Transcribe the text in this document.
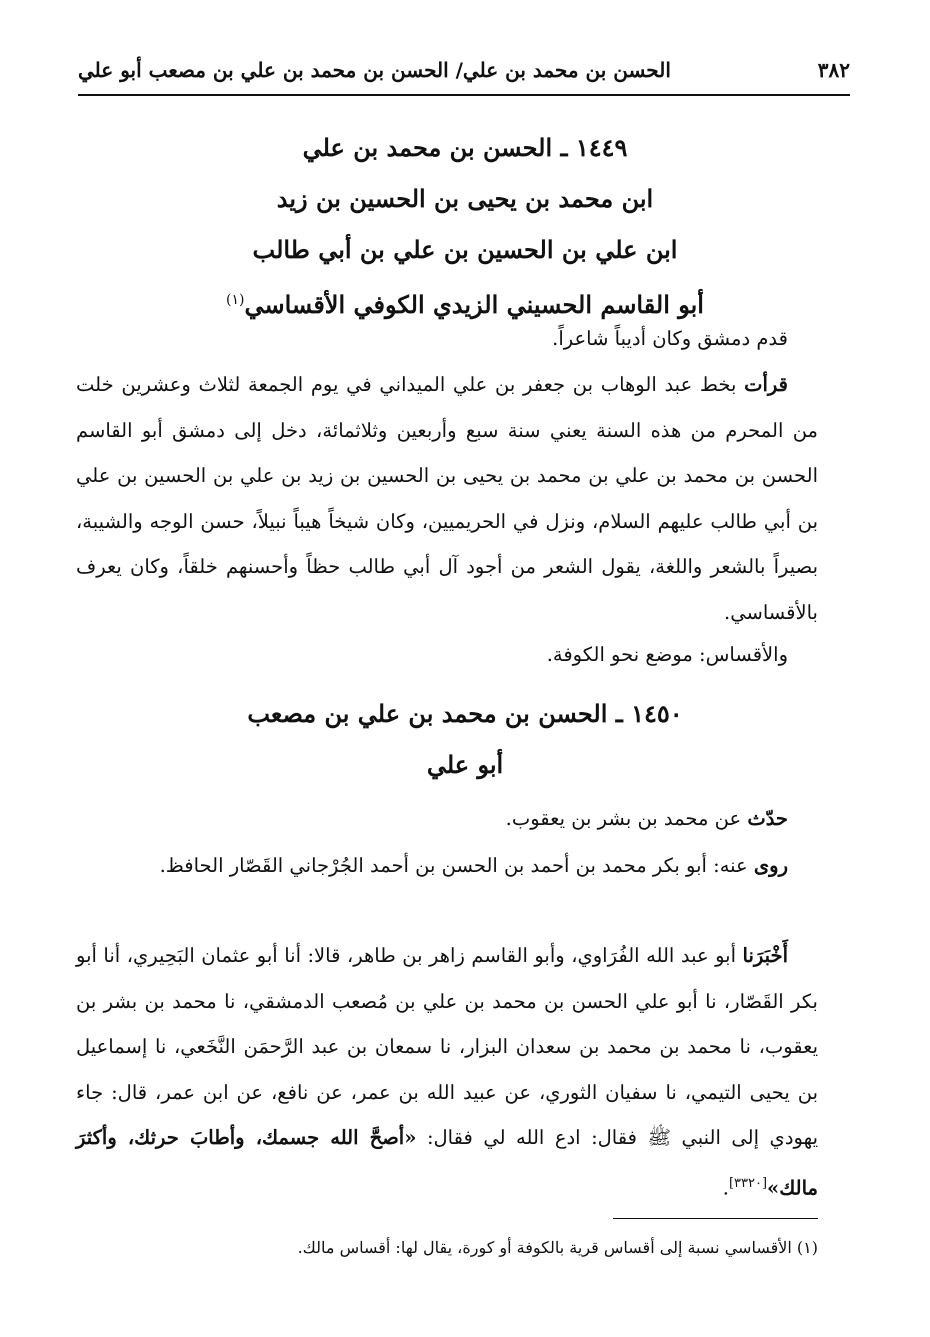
٣٨٢
الحسن بن محمد بن علي/ الحسن بن محمد بن علي بن مصعب أبو علي
١٤٤٩ ـ الحسن بن محمد بن علي
ابن محمد بن يحيى بن الحسين بن زيد
ابن علي بن الحسين بن علي بن أبي طالب
أبو القاسم الحسيني الزيدي الكوفي الأقساسي$^{(١)}$

قدم دمشق وكان أديباً شاعراً.

قرأت بخط عبد الوهاب بن جعفر بن علي الميداني في يوم الجمعة لثلاث وعشرين خلت من المحرم من هذه السنة يعني سنة سبع وأربعين وثلاثمائة، دخل إلى دمشق أبو القاسم الحسن بن محمد بن علي بن محمد بن يحيى بن الحسين بن زيد بن علي بن الحسين بن علي بن أبي طالب عليهم السلام، ونزل في الحريميين، وكان شيخاً هيباً نبيلاً، حسن الوجه والشيبة، بصيراً بالشعر واللغة، يقول الشعر من أجود آل أبي طالب حظاً وأحسنهم خلقاً، وكان يعرف بالأقساسي.

والأقساس: موضع نحو الكوفة.

١٤٥٠ ـ الحسن بن محمد بن علي بن مصعب
أبو علي

حدّث عن محمد بن بشر بن يعقوب.

روى عنه: أبو بكر محمد بن أحمد بن الحسن بن أحمد الجُرْجاني القَصّار الحافظ.

أَخْبَرَنا أبو عبد الله الفُرَاوي، وأبو القاسم زاهر بن طاهر، قالا: أنا أبو عثمان البَحِيري، أنا أبو بكر القَصّار، نا أبو علي الحسن بن محمد بن علي بن مُصعب الدمشقي، نا محمد بن بشر بن يعقوب، نا محمد بن محمد بن سعدان البزار، نا سمعان بن عبد الرَّحمَن النَّخَعي، نا إسماعيل بن يحيى التيمي، نا سفيان الثوري، عن عبيد الله بن عمر، عن نافع، عن ابن عمر، قال: جاء يهودي إلى النبي ﷺ فقال: ادع الله لي فقال: «أصحَّ الله جسمك، وأطابَ حرثك، وأكثرَ مالك»[٣٣٢٠].

(١) الأقساسي نسبة إلى أقساس قرية بالكوفة أو كورة، يقال لها: أقساس مالك.
